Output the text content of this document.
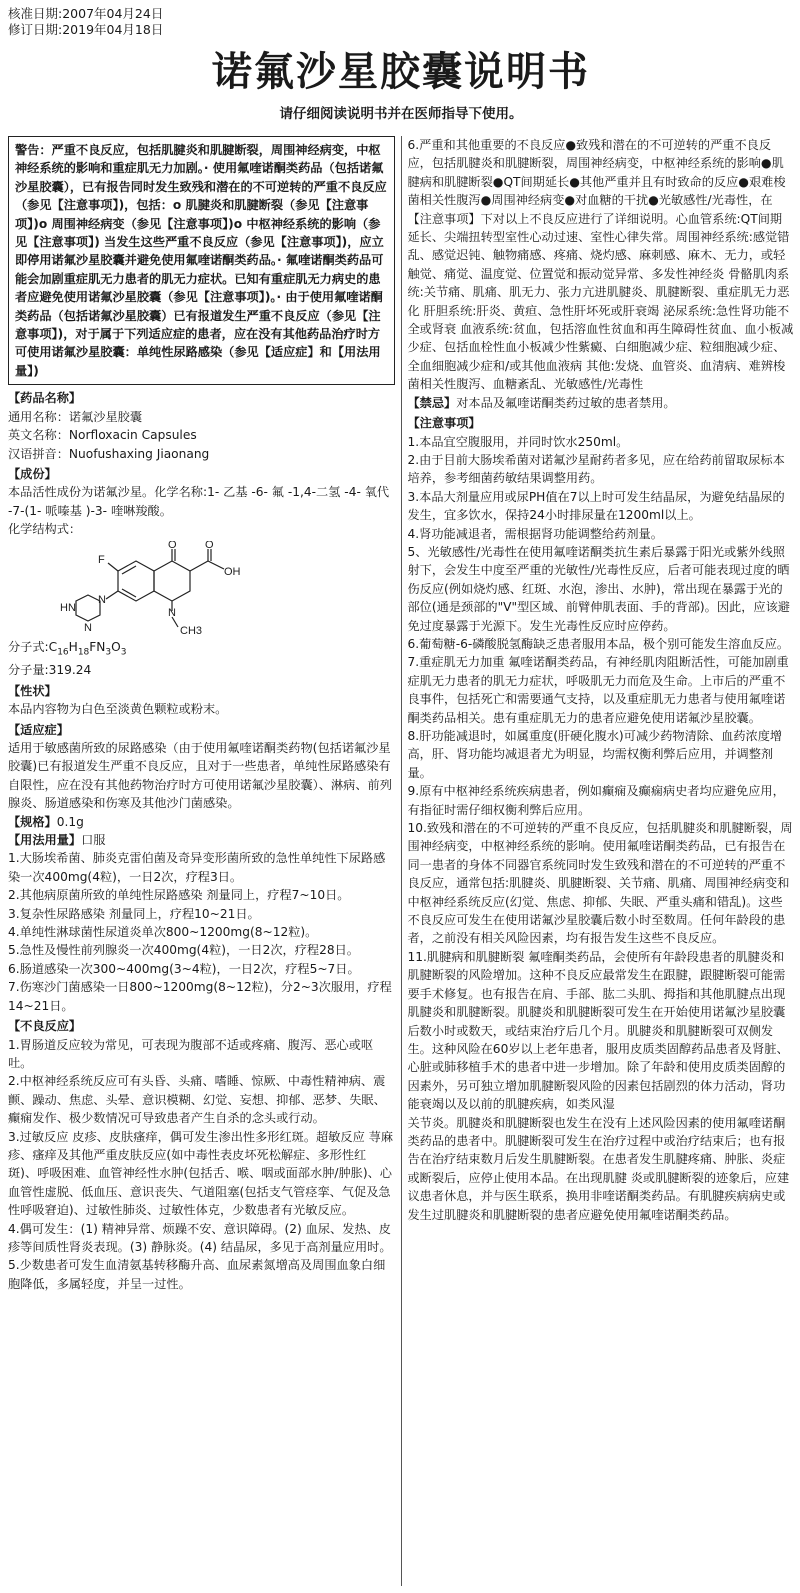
核准日期:2007年04月24日
修订日期:2019年04月18日
诺氟沙星胶囊说明书
请仔细阅读说明书并在医师指导下使用。
警告：严重不良反应，包括肌腱炎和肌腱断裂，周围神经病变，中枢神经系统的影响和重症肌无力加剧。· 使用氟喹诺酮类药品（包括诺氟沙星胶囊），已有报告同时发生致残和潜在的不可逆转的严重不良反应（参见【注意事项】)，包括：o 肌腱炎和肌腱断裂（参见【注意事项】)o 周围神经病变（参见【注意事项】)o 中枢神经系统的影响（参见【注意事项】) 当发生这些严重不良反应（参见【注意事项】)，应立即停用诺氟沙星胶囊并避免使用氟喹诺酮类药品。· 氟喹诺酮类药品可能会加剧重症肌无力患者的肌无力症状。已知有重症肌无力病史的患者应避免使用诺氟沙星胶囊（参见【注意事项】)。· 由于使用氟喹诺酮类药品（包括诺氟沙星胶囊）已有报道发生严重不良反应（参见【注意事项】)，对于属于下列适应症的患者，应在没有其他药品治疗时方可使用诺氟沙星胶囊：单纯性尿路感染（参见【适应症】和【用法用量】)
【药品名称】

通用名称：诺氟沙星胶囊

英文名称：Norfloxacin Capsules

汉语拼音：Nuofushaxing Jiaonang

【成份】

本品活性成份为诺氟沙星。化学名称:1- 乙基 -6- 氟 -1,4-二氢 -4- 氧代 -7-(1- 哌嗪基 )-3- 喹啉羧酸。

化学结构式：

F
O	O
OH
N
N
HN
N	CH3

分子式$:C_{16}H_{18}FN_3O_3$

分子量:319.24

【性状】

本品内容物为白色至淡黄色颗粒或粉末。

【适应症】

适用于敏感菌所致的尿路感染（由于使用氟喹诺酮类药物(包括诺氟沙星胶囊)已有报道发生严重不良反应，且对于一些患者，单纯性尿路感染有自限性，应在没有其他药物治疗时方可使用诺氟沙星胶囊）、淋病、前列腺炎、肠道感染和伤寒及其他沙门菌感染。

【规格】0.1g

【用法用量】口服

1.大肠埃希菌、肺炎克雷伯菌及奇异变形菌所致的急性单纯性下尿路感染一次400mg(4粒)，一日2次，疗程3日。

2.其他病原菌所致的单纯性尿路感染 剂量同上，疗程7~10日。

3.复杂性尿路感染 剂量同上，疗程10~21日。

4.单纯性淋球菌性尿道炎单次800~1200mg(8~12粒)。

5.急性及慢性前列腺炎一次400mg(4粒)，一日2次，疗程28日。

6.肠道感染一次300~400mg(3~4粒)，一日2次，疗程5~7日。

7.伤寒沙门菌感染一日800~1200mg(8~12粒)，分2~3次服用，疗程14~21日。

【不良反应】

1.胃肠道反应较为常见，可表现为腹部不适或疼痛、腹泻、恶心或呕吐。

2.中枢神经系统反应可有头昏、头痛、嗜睡、惊厥、中毒性精神病、震颤、躁动、焦虑、头晕、意识模糊、幻觉、妄想、抑郁、恶梦、失眠、癫痫发作、极少数情况可导致患者产生自杀的念头或行动。

3.过敏反应 皮疹、皮肤瘙痒，偶可发生渗出性多形红斑。超敏反应 荨麻疹、瘙痒及其他严重皮肤反应(如中毒性表皮坏死松解症、多形性红斑)、呼吸困难、血管神经性水肿(包括舌、喉、咽或面部水肿/肿胀)、心血管性虚脱、低血压、意识丧失、气道阻塞(包括支气管痉挛、气促及急性呼吸窘迫)、过敏性肺炎、过敏性体克，少数患者有光敏反应。

4.偶可发生：(1) 精神异常、烦躁不安、意识障碍。(2) 血尿、发热、皮疹等间质性肾炎表现。(3) 静脉炎。(4) 结晶尿，多见于高剂量应用时。

5.少数患者可发生血清氨基转移酶升高、血尿素氮增高及周围血象白细胞降低，多属轻度，并呈一过性。

6.严重和其他重要的不良反应●致残和潜在的不可逆转的严重不良反应，包括肌腱炎和肌腱断裂，周围神经病变，中枢神经系统的影响●肌腱病和肌腱断裂●QT间期延长●其他严重并且有时致命的反应●艰难梭菌相关性腹泻●周围神经病变●对血糖的干扰●光敏感性/光毒性，在【注意事项】下对以上不良反应进行了详细说明。心血管系统:QT间期延长、尖端扭转型室性心动过速、室性心律失常。周围神经系统:感觉错乱、感觉迟钝、触物痛感、疼痛、烧灼感、麻刺感、麻木、无力，或轻触觉、痛觉、温度觉、位置觉和振动觉异常、多发性神经炎 骨骼肌肉系统:关节痛、肌痛、肌无力、张力亢进肌腱炎、肌腱断裂、重症肌无力恶化 肝胆系统:肝炎、黄疸、急性肝坏死或肝衰竭 泌尿系统:急性肾功能不全或肾衰 血液系统:贫血，包括溶血性贫血和再生障碍性贫血、血小板减少症、包括血栓性血小板减少性紫癜、白细胞减少症、粒细胞减少症、全血细胞减少症和/或其他血液病 其他:发烧、血管炎、血清病、难辨梭菌相关性腹泻、血糖紊乱、光敏感性/光毒性

【禁忌】对本品及氟喹诺酮类药过敏的患者禁用。

【注意事项】

1.本品宜空腹服用，并同时饮水250ml。

2.由于目前大肠埃希菌对诺氟沙星耐药者多见，应在给药前留取尿标本培养，参考细菌药敏结果调整用药。

3.本品大剂量应用或尿PH值在7以上时可发生结晶尿，为避免结晶尿的发生，宜多饮水，保持24小时排尿量在1200ml以上。

4.肾功能减退者，需根据肾功能调整给药剂量。

5、光敏感性/光毒性在使用氟喹诺酮类抗生素后暴露于阳光或紫外线照射下，会发生中度至严重的光敏性/光毒性反应，后者可能表现过度的晒伤反应(例如烧灼感、红斑、水泡，渗出、水肿)，常出现在暴露于光的部位(通是颈部的"V"型区域、前臂伸肌表面、手的背部)。因此，应该避免过度暴露于光源下。发生光毒性反应时应停药。

6.葡萄糖-6-磷酸脱氢酶缺乏患者服用本品，极个别可能发生溶血反应。

7.重症肌无力加重 氟喹诺酮类药品，有神经肌肉阻断活性，可能加剧重症肌无力患者的肌无力症状，呼吸肌无力而危及生命。上市后的严重不良事件，包括死亡和需要通气支持，以及重症肌无力患者与使用氟喹诺酮类药品相关。患有重症肌无力的患者应避免使用诺氟沙星胶囊。

8.肝功能减退时，如属重度(肝硬化腹水)可减少药物清除、血药浓度增高，肝、肾功能均减退者尤为明显，均需权衡利弊后应用，并调整剂量。

9.原有中枢神经系统疾病患者，例如癫痫及癫痫病史者均应避免应用，有指征时需仔细权衡利弊后应用。

10.致残和潜在的不可逆转的严重不良反应，包括肌腱炎和肌腱断裂，周围神经病变，中枢神经系统的影响。使用氟喹诺酮类药品，已有报告在同一患者的身体不同器官系统同时发生致残和潜在的不可逆转的严重不良反应，通常包括:肌腱炎、肌腱断裂、关节痛、肌痛、周围神经病变和中枢神经系统反应(幻觉、焦虑、抑郁、失眠、严重头痛和错乱)。这些不良反应可发生在使用诺氟沙星胶囊后数小时至数周。任何年龄段的患者，之前没有相关风险因素，均有报告发生这些不良反应。

11.肌腱病和肌腱断裂 氟喹酮类药品，会使所有年龄段患者的肌腱炎和肌腱断裂的风险增加。这种不良反应最常发生在跟腱，跟腱断裂可能需要手术修复。也有报告在肩、手部、肱二头肌、拇指和其他肌腱点出现肌腱炎和肌腱断裂。肌腱炎和肌腱断裂可发生在开始使用诺氟沙星胶囊后数小时或数天，或结束治疗后几个月。肌腱炎和肌腱断裂可双侧发生。这种风险在60岁以上老年患者，服用皮质类固醇药品患者及肾脏、心脏或肺移植手术的患者中进一步增加。除了年龄和使用皮质类固醇的因素外，另可独立增加肌腱断裂风险的因素包括剧烈的体力活动，肾功能衰竭以及以前的肌腱疾病，如类风湿

关节炎。肌腱炎和肌腱断裂也发生在没有上述风险因素的使用氟喹诺酮类药品的患者中。肌腱断裂可发生在治疗过程中或治疗结束后；也有报告在治疗结束数月后发生肌腱断裂。在患者发生肌腱疼痛、肿胀、炎症或断裂后，应停止使用本品。在出现肌腱 炎或肌腱断裂的迹象后，应建议患者休息，并与医生联系，换用非喹诺酮类药品。有肌腱疾病病史或发生过肌腱炎和肌腱断裂的患者应避免使用氟喹诺酮类药品。
